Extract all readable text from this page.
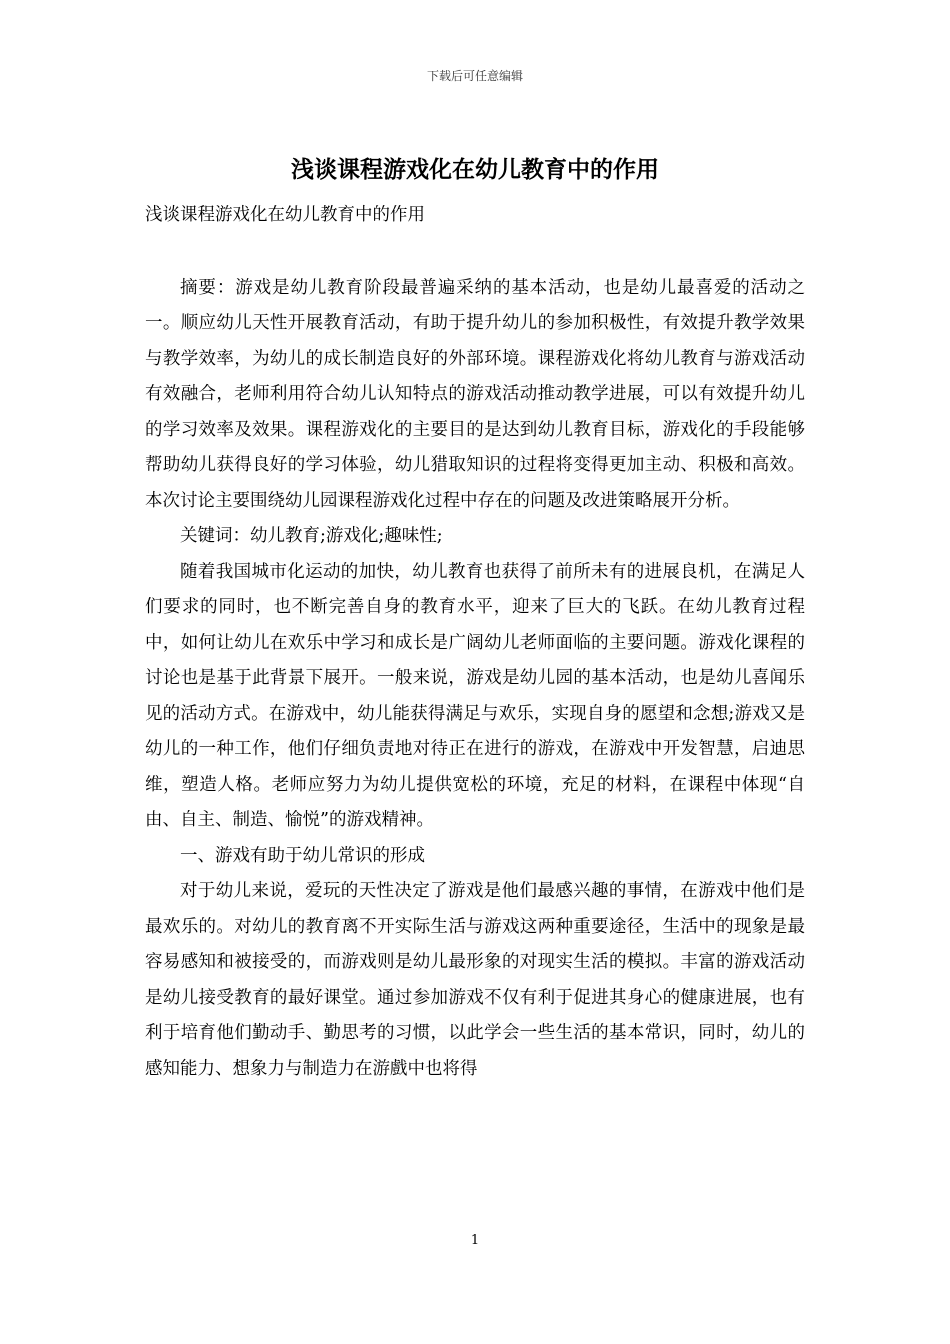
下载后可任意编辑
浅谈课程游戏化在幼儿教育中的作用

浅谈课程游戏化在幼儿教育中的作用

摘要：游戏是幼儿教育阶段最普遍采纳的基本活动，也是幼儿最喜爱的活动之一。顺应幼儿天性开展教育活动，有助于提升幼儿的参加积极性，有效提升教学效果与教学效率，为幼儿的成长制造良好的外部环境。课程游戏化将幼儿教育与游戏活动有效融合，老师利用符合幼儿认知特点的游戏活动推动教学进展，可以有效提升幼儿的学习效率及效果。课程游戏化的主要目的是达到幼儿教育目标，游戏化的手段能够帮助幼儿获得良好的学习体验，幼儿猎取知识的过程将变得更加主动、积极和高效。本次讨论主要围绕幼儿园课程游戏化过程中存在的问题及改进策略展开分析。

关键词：幼儿教育;游戏化;趣味性;

随着我国城市化运动的加快，幼儿教育也获得了前所未有的进展良机，在满足人们要求的同时，也不断完善自身的教育水平，迎来了巨大的飞跃。在幼儿教育过程中，如何让幼儿在欢乐中学习和成长是广阔幼儿老师面临的主要问题。游戏化课程的讨论也是基于此背景下展开。一般来说，游戏是幼儿园的基本活动，也是幼儿喜闻乐见的活动方式。在游戏中，幼儿能获得满足与欢乐，实现自身的愿望和念想;游戏又是幼儿的一种工作，他们仔细负责地对待正在进行的游戏，在游戏中开发智慧，启迪思维，塑造人格。老师应努力为幼儿提供宽松的环境，充足的材料，在课程中体现“自由、自主、制造、愉悦”的游戏精神。

一、游戏有助于幼儿常识的形成

对于幼儿来说，爱玩的天性决定了游戏是他们最感兴趣的事情，在游戏中他们是最欢乐的。对幼儿的教育离不开实际生活与游戏这两种重要途径，生活中的现象是最容易感知和被接受的，而游戏则是幼儿最形象的对现实生活的模拟。丰富的游戏活动是幼儿接受教育的最好课堂。通过参加游戏不仅有利于促进其身心的健康进展，也有利于培育他们勤动手、勤思考的习惯，以此学会一些生活的基本常识，同时，幼儿的感知能力、想象力与制造力在游戲中也将得

1
